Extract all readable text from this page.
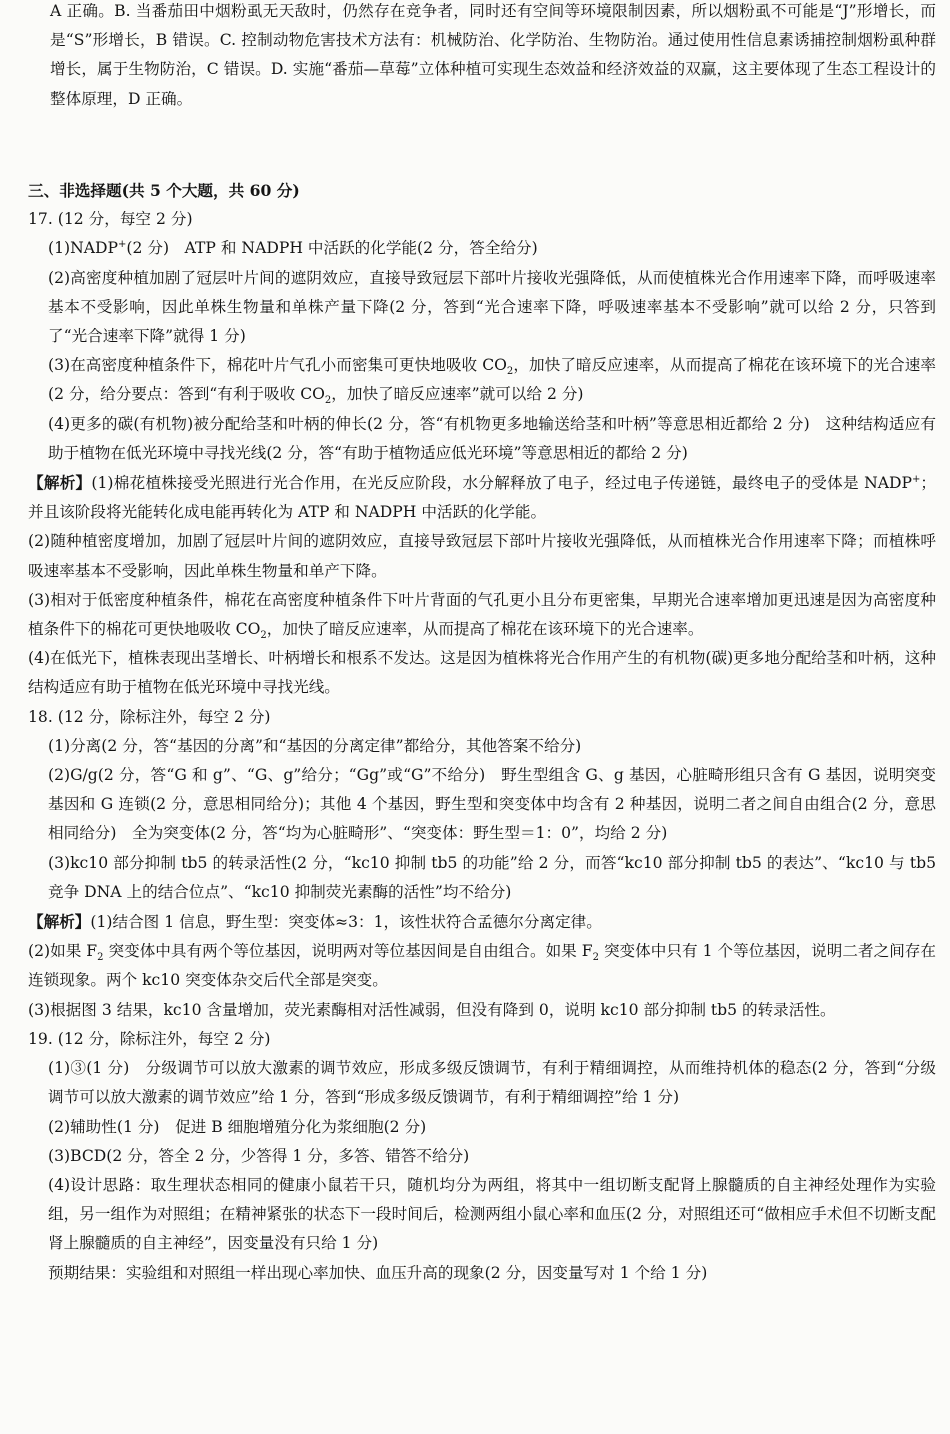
A 正确。B. 当番茄田中烟粉虱无天敌时，仍然存在竞争者，同时还有空间等环境限制因素，所以烟粉虱不可能是“J”形增长，而是“S”形增长，B 错误。C. 控制动物危害技术方法有：机械防治、化学防治、生物防治。通过使用性信息素诱捕控制烟粉虱种群增长，属于生物防治，C 错误。D. 实施“番茄—草莓”立体种植可实现生态效益和经济效益的双赢，这主要体现了生态工程设计的整体原理，D 正确。

三、非选择题(共 5 个大题，共 60 分)

17. (12 分，每空 2 分)

(1)NADP+(2 分)　ATP 和 NADPH 中活跃的化学能(2 分，答全给分)

(2)高密度种植加剧了冠层叶片间的遮阴效应，直接导致冠层下部叶片接收光强降低，从而使植株光合作用速率下降，而呼吸速率基本不受影响，因此单株生物量和单株产量下降(2 分，答到“光合速率下降，呼吸速率基本不受影响”就可以给 2 分，只答到了“光合速率下降”就得 1 分)

(3)在高密度种植条件下，棉花叶片气孔小而密集可更快地吸收 $CO_2$，加快了暗反应速率，从而提高了棉花在该环境下的光合速率(2 分，给分要点：答到“有利于吸收 $CO_2$，加快了暗反应速率”就可以给 2 分)

(4)更多的碳(有机物)被分配给茎和叶柄的伸长(2 分，答“有机物更多地输送给茎和叶柄”等意思相近都给 2 分)　这种结构适应有助于植物在低光环境中寻找光线(2 分，答“有助于植物适应低光环境”等意思相近的都给 2 分)

【解析】(1)棉花植株接受光照进行光合作用，在光反应阶段，水分解释放了电子，经过电子传递链，最终电子的受体是 NADP+；并且该阶段将光能转化成电能再转化为 ATP 和 NADPH 中活跃的化学能。

(2)随种植密度增加，加剧了冠层叶片间的遮阴效应，直接导致冠层下部叶片接收光强降低，从而植株光合作用速率下降；而植株呼吸速率基本不受影响，因此单株生物量和单产下降。

(3)相对于低密度种植条件，棉花在高密度种植条件下叶片背面的气孔更小且分布更密集，早期光合速率增加更迅速是因为高密度种植条件下的棉花可更快地吸收 $CO_2$，加快了暗反应速率，从而提高了棉花在该环境下的光合速率。

(4)在低光下，植株表现出茎增长、叶柄增长和根系不发达。这是因为植株将光合作用产生的有机物(碳)更多地分配给茎和叶柄，这种结构适应有助于植物在低光环境中寻找光线。

18. (12 分，除标注外，每空 2 分)

(1)分离(2 分，答“基因的分离”和“基因的分离定律”都给分，其他答案不给分)

(2)G/g(2 分，答“G 和 g”、“G、g”给分；“Gg”或“G”不给分)　野生型组含 G、g 基因，心脏畸形组只含有 G 基因，说明突变基因和 G 连锁(2 分，意思相同给分)；其他 4 个基因，野生型和突变体中均含有 2 种基因，说明二者之间自由组合(2 分，意思相同给分)　全为突变体(2 分，答“均为心脏畸形”、“突变体：野生型＝1：0”，均给 2 分)

(3)kc10 部分抑制 tb5 的转录活性(2 分，“kc10 抑制 tb5 的功能”给 2 分，而答“kc10 部分抑制 tb5 的表达”、“kc10 与 tb5 竞争 DNA 上的结合位点”、“kc10 抑制荧光素酶的活性”均不给分)

【解析】(1)结合图 1 信息，野生型：突变体≈3：1，该性状符合孟德尔分离定律。

(2)如果 $F_2$ 突变体中具有两个等位基因，说明两对等位基因间是自由组合。如果 $F_2$ 突变体中只有 1 个等位基因，说明二者之间存在连锁现象。两个 kc10 突变体杂交后代全部是突变。

(3)根据图 3 结果，kc10 含量增加，荧光素酶相对活性减弱，但没有降到 0，说明 kc10 部分抑制 tb5 的转录活性。

19. (12 分，除标注外，每空 2 分)

(1)③(1 分)　分级调节可以放大激素的调节效应，形成多级反馈调节，有利于精细调控，从而维持机体的稳态(2 分，答到“分级调节可以放大激素的调节效应”给 1 分，答到“形成多级反馈调节，有利于精细调控”给 1 分)

(2)辅助性(1 分)　促进 B 细胞增殖分化为浆细胞(2 分)

(3)BCD(2 分，答全 2 分，少答得 1 分，多答、错答不给分)

(4)设计思路：取生理状态相同的健康小鼠若干只，随机均分为两组，将其中一组切断支配肾上腺髓质的自主神经处理作为实验组，另一组作为对照组；在精神紧张的状态下一段时间后，检测两组小鼠心率和血压(2 分，对照组还可“做相应手术但不切断支配肾上腺髓质的自主神经”，因变量没有只给 1 分)

预期结果：实验组和对照组一样出现心率加快、血压升高的现象(2 分，因变量写对 1 个给 1 分)
